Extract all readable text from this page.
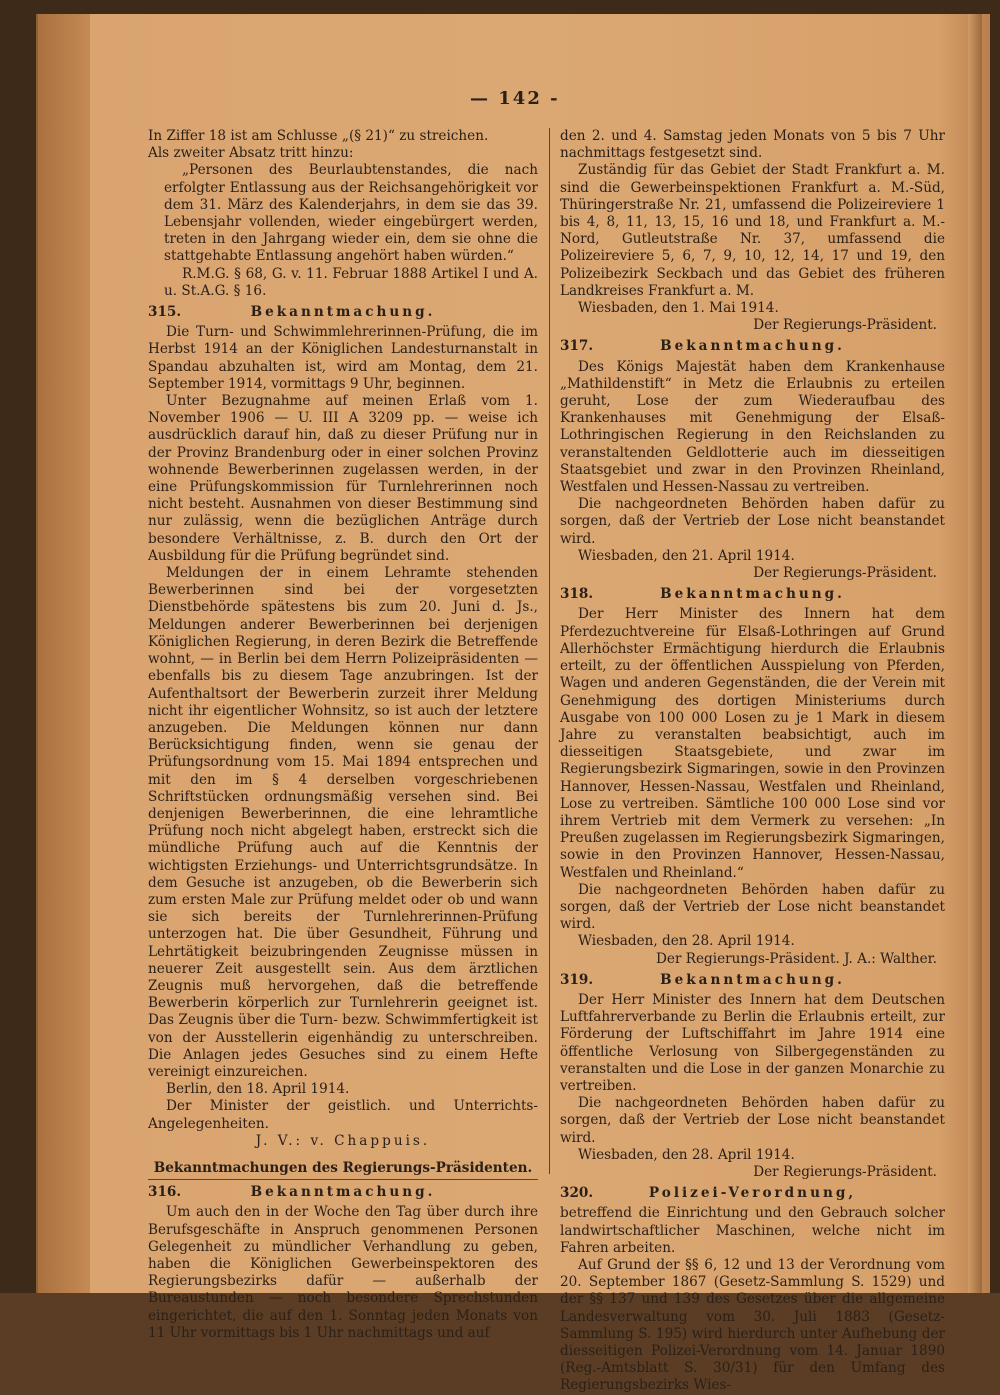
— 142 -

In Ziffer 18 ist am Schlusse „(§ 21)“ zu streichen.

Als zweiter Absatz tritt hinzu:

„Personen des Beurlaubtenstandes, die nach erfolgter Entlassung aus der Reichsangehörigkeit vor dem 31. März des Kalenderjahrs, in dem sie das 39. Lebensjahr vollenden, wieder eingebürgert werden, treten in den Jahrgang wieder ein, dem sie ohne die stattgehabte Entlassung angehört haben würden.“

R.M.G. § 68, G. v. 11. Februar 1888 Artikel I und A. u. St.A.G. § 16.

315.	Bekanntmachung.

Die Turn- und Schwimmlehrerinnen-Prüfung, die im Herbst 1914 an der Königlichen Landesturnanstalt in Spandau abzuhalten ist, wird am Montag, dem 21. September 1914, vormittags 9 Uhr, beginnen.

Unter Bezugnahme auf meinen Erlaß vom 1. November 1906 — U. III A 3209 pp. — weise ich ausdrücklich darauf hin, daß zu dieser Prüfung nur in der Provinz Brandenburg oder in einer solchen Provinz wohnende Bewerberinnen zugelassen werden, in der eine Prüfungskommission für Turnlehrerinnen noch nicht besteht. Ausnahmen von dieser Bestimmung sind nur zulässig, wenn die bezüglichen Anträge durch besondere Verhältnisse, z. B. durch den Ort der Ausbildung für die Prüfung begründet sind.

Meldungen der in einem Lehramte stehenden Bewerberinnen sind bei der vorgesetzten Dienstbehörde spätestens bis zum 20. Juni d. Js., Meldungen anderer Bewerberinnen bei derjenigen Königlichen Regierung, in deren Bezirk die Betreffende wohnt, — in Berlin bei dem Herrn Polizeipräsidenten — ebenfalls bis zu diesem Tage anzubringen. Ist der Aufenthaltsort der Bewerberin zurzeit ihrer Meldung nicht ihr eigentlicher Wohnsitz, so ist auch der letztere anzugeben. Die Meldungen können nur dann Berücksichtigung finden, wenn sie genau der Prüfungsordnung vom 15. Mai 1894 entsprechen und mit den im § 4 derselben vorgeschriebenen Schriftstücken ordnungsmäßig versehen sind. Bei denjenigen Bewerberinnen, die eine lehramtliche Prüfung noch nicht abgelegt haben, erstreckt sich die mündliche Prüfung auch auf die Kenntnis der wichtigsten Erziehungs- und Unterrichtsgrundsätze. In dem Gesuche ist anzugeben, ob die Bewerberin sich zum ersten Male zur Prüfung meldet oder ob und wann sie sich bereits der Turnlehrerinnen-Prüfung unterzogen hat. Die über Gesundheit, Führung und Lehrtätigkeit beizubringenden Zeugnisse müssen in neuerer Zeit ausgestellt sein. Aus dem ärztlichen Zeugnis muß hervorgehen, daß die betreffende Bewerberin körperlich zur Turnlehrerin geeignet ist. Das Zeugnis über die Turn- bezw. Schwimmfertigkeit ist von der Ausstellerin eigenhändig zu unterschreiben. Die Anlagen jedes Gesuches sind zu einem Hefte vereinigt einzureichen.

Berlin, den 18. April 1914.

Der Minister der geistlich. und Unterrichts-Angelegenheiten.

J. V.: v. Chappuis.

Bekanntmachungen des Regierungs-Präsidenten.
316.	Bekanntmachung.

Um auch den in der Woche den Tag über durch ihre Berufsgeschäfte in Anspruch genommenen Personen Gelegenheit zu mündlicher Verhandlung zu geben, haben die Königlichen Gewerbeinspektoren des Regierungsbezirks dafür — außerhalb der Bureaustunden — noch besondere Sprechstunden eingerichtet, die auf den 1. Sonntag jeden Monats von 11 Uhr vormittags bis 1 Uhr nachmittags und auf

den 2. und 4. Samstag jeden Monats von 5 bis 7 Uhr nachmittags festgesetzt sind.

Zuständig für das Gebiet der Stadt Frankfurt a. M. sind die Gewerbeinspektionen Frankfurt a. M.-Süd, Thüringerstraße Nr. 21, umfassend die Polizeireviere 1 bis 4, 8, 11, 13, 15, 16 und 18, und Frankfurt a. M.-Nord, Gutleutstraße Nr. 37, umfassend die Polizeireviere 5, 6, 7, 9, 10, 12, 14, 17 und 19, den Polizeibezirk Seckbach und das Gebiet des früheren Landkreises Frankfurt a. M.

Wiesbaden, den 1. Mai 1914.

Der Regierungs-Präsident.

317.	Bekanntmachung.

Des Königs Majestät haben dem Krankenhause „Mathildenstift“ in Metz die Erlaubnis zu erteilen geruht, Lose der zum Wiederaufbau des Krankenhauses mit Genehmigung der Elsaß-Lothringischen Regierung in den Reichslanden zu veranstaltenden Geldlotterie auch im diesseitigen Staatsgebiet und zwar in den Provinzen Rheinland, Westfalen und Hessen-Nassau zu vertreiben.

Die nachgeordneten Behörden haben dafür zu sorgen, daß der Vertrieb der Lose nicht beanstandet wird.

Wiesbaden, den 21. April 1914.

Der Regierungs-Präsident.

318.	Bekanntmachung.

Der Herr Minister des Innern hat dem Pferdezuchtvereine für Elsaß-Lothringen auf Grund Allerhöchster Ermächtigung hierdurch die Erlaubnis erteilt, zu der öffentlichen Ausspielung von Pferden, Wagen und anderen Gegenständen, die der Verein mit Genehmigung des dortigen Ministeriums durch Ausgabe von 100 000 Losen zu je 1 Mark in diesem Jahre zu veranstalten beabsichtigt, auch im diesseitigen Staatsgebiete, und zwar im Regierungsbezirk Sigmaringen, sowie in den Provinzen Hannover, Hessen-Nassau, Westfalen und Rheinland, Lose zu vertreiben. Sämtliche 100 000 Lose sind vor ihrem Vertrieb mit dem Vermerk zu versehen: „In Preußen zugelassen im Regierungsbezirk Sigmaringen, sowie in den Provinzen Hannover, Hessen-Nassau, Westfalen und Rheinland.“

Die nachgeordneten Behörden haben dafür zu sorgen, daß der Vertrieb der Lose nicht beanstandet wird.

Wiesbaden, den 28. April 1914.

Der Regierungs-Präsident. J. A.: Walther.

319.	Bekanntmachung.

Der Herr Minister des Innern hat dem Deutschen Luftfahrerverbande zu Berlin die Erlaubnis erteilt, zur Förderung der Luftschiffahrt im Jahre 1914 eine öffentliche Verlosung von Silbergegenständen zu veranstalten und die Lose in der ganzen Monarchie zu vertreiben.

Die nachgeordneten Behörden haben dafür zu sorgen, daß der Vertrieb der Lose nicht beanstandet wird.

Wiesbaden, den 28. April 1914.

Der Regierungs-Präsident.

320.	Polizei-Verordnung,

betreffend die Einrichtung und den Gebrauch solcher landwirtschaftlicher Maschinen, welche nicht im Fahren arbeiten.

Auf Grund der §§ 6, 12 und 13 der Verordnung vom 20. September 1867 (Gesetz-Sammlung S. 1529) und der §§ 137 und 139 des Gesetzes über die allgemeine Landesverwaltung vom 30. Juli 1883 (Gesetz-Sammlung S. 195) wird hierdurch unter Aufhebung der diesseitigen Polizei-Verordnung vom 14. Januar 1890 (Reg.-Amtsblatt S. 30/31) für den Umfang des Regierungsbezirks Wies-
